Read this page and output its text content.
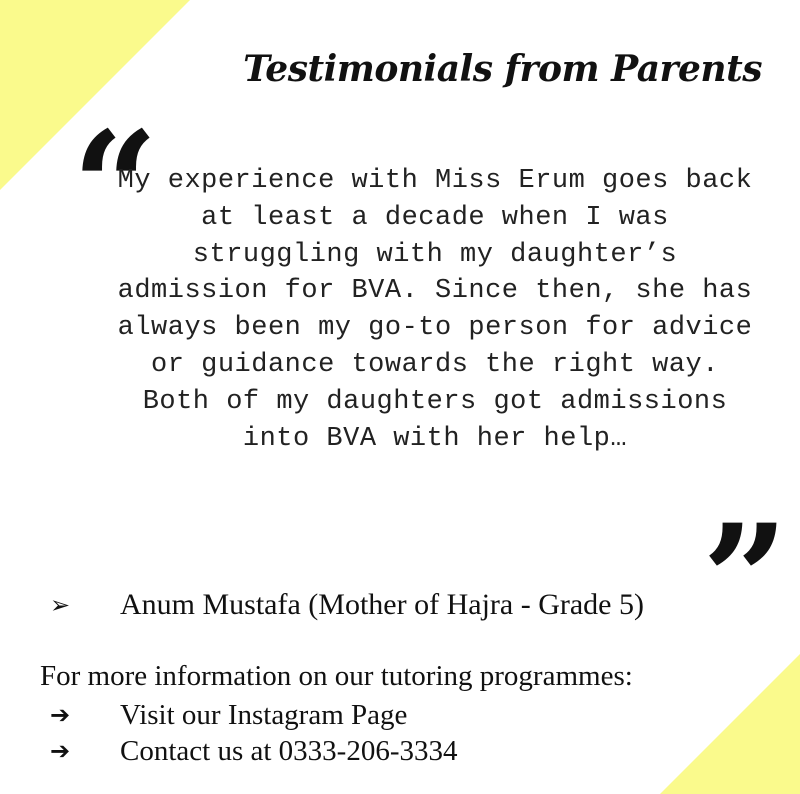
Testimonials from Parents
“
My experience with Miss Erum goes back at least a decade when I was struggling with my daughter’s admission for BVA. Since then, she has always been my go-to person for advice or guidance towards the right way. Both of my daughters got admissions into BVA with her help…
”
➢ Anum Mustafa (Mother of Hajra - Grade 5)
For more information on our tutoring programmes:
➔ Visit our Instagram Page
➔ Contact us at 0333-206-3334
